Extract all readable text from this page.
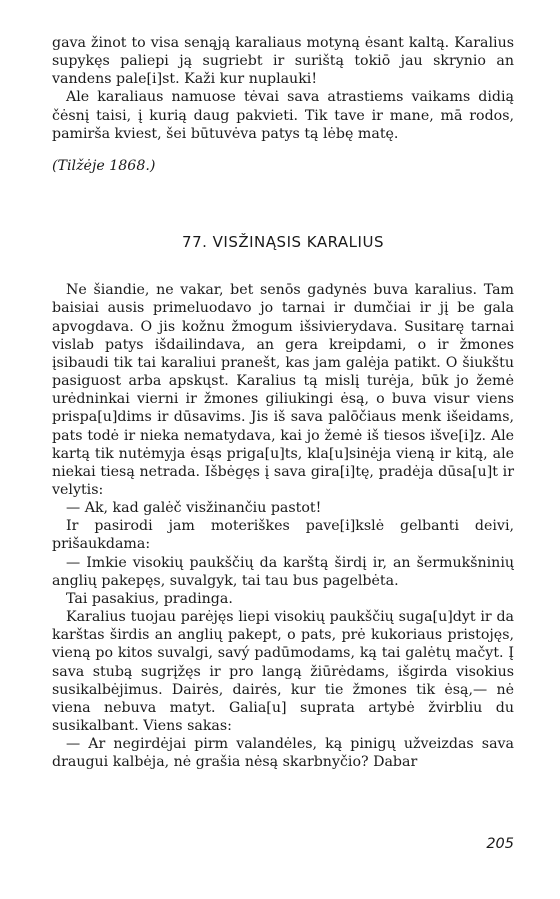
gava žinot to visa senąją karaliaus motyną ėsant kaltą. Karalius supykęs paliepi ją sugriebt ir surištą tokiō jau skrynio an vandens pale[i]st. Kaži kur nuplauki!

Ale karaliaus namuose tėvai sava atrastiems vaikams didią čėsnį taisi, į kurią daug pakvieti. Tik tave ir mane, mā rodos, pamirša kviest, šei būtuvėva patys tą lėbę matę.

(Tilžėje 1868.)

77. VISŽINĄSIS KARALIUS

Ne šiandie, ne vakar, bet senōs gadynės buva karalius. Tam baisiai ausis primeluodavo jo tarnai ir dumčiai ir jį be gala apvogdava. O jis kožnu žmogum išsivierydava. Susitarę tarnai vislab patys išdailindava, an gera kreipdami, o ir žmones įsibaudi tik tai karaliui pranešt, kas jam galėja patikt. O šiukštu pasiguost arba apskųst. Karalius tą mislį turėja, būk jo žemė urėdninkai vierni ir žmones giliukingi ėsą, o buva visur viens prispa[u]dims ir dūsavims. Jis iš sava palōčiaus menk išeidams, pats todė ir nieka nematydava, kai jo žemė iš tiesos išve[i]z. Ale kartą tik nutėmyja ėsąs priga[u]ts, kla[u]sinėja vieną ir kitą, ale niekai tiesą netrada. Išbėgęs į sava gira[i]tę, pradėja dūsa[u]t ir velytis:

— Ak, kad galėč visžinančiu pastot!

Ir pasirodi jam moteriškes pave[i]kslė gelbanti deivi, prišaukdama:

— Imkie visokių paukščių da karštą širdį ir, an šermukšninių anglių pakepęs, suvalgyk, tai tau bus pagelbėta.

Tai pasakius, pradinga.

Karalius tuojau parėjęs liepi visokių paukščių suga[u]dyt ir da karštas širdis an anglių pakept, o pats, prė kukoriaus pristojęs, vieną po kitos suvalgi, savý padūmodams, ką tai galėtų mačyt. Į sava stubą sugrįžęs ir pro langą žiūrėdams, išgirda visokius susikalbėjimus. Dairės, dairės, kur tie žmones tik ėsą,— nė viena nebuva matyt. Galia[u] suprata artybė žvirbliu du susikalbant. Viens sakas:

— Ar negirdėjai pirm valandėles, ką pinigų užveizdas sava draugui kalbėja, nė grašia nėsą skarbnyčio? Dabar

205
